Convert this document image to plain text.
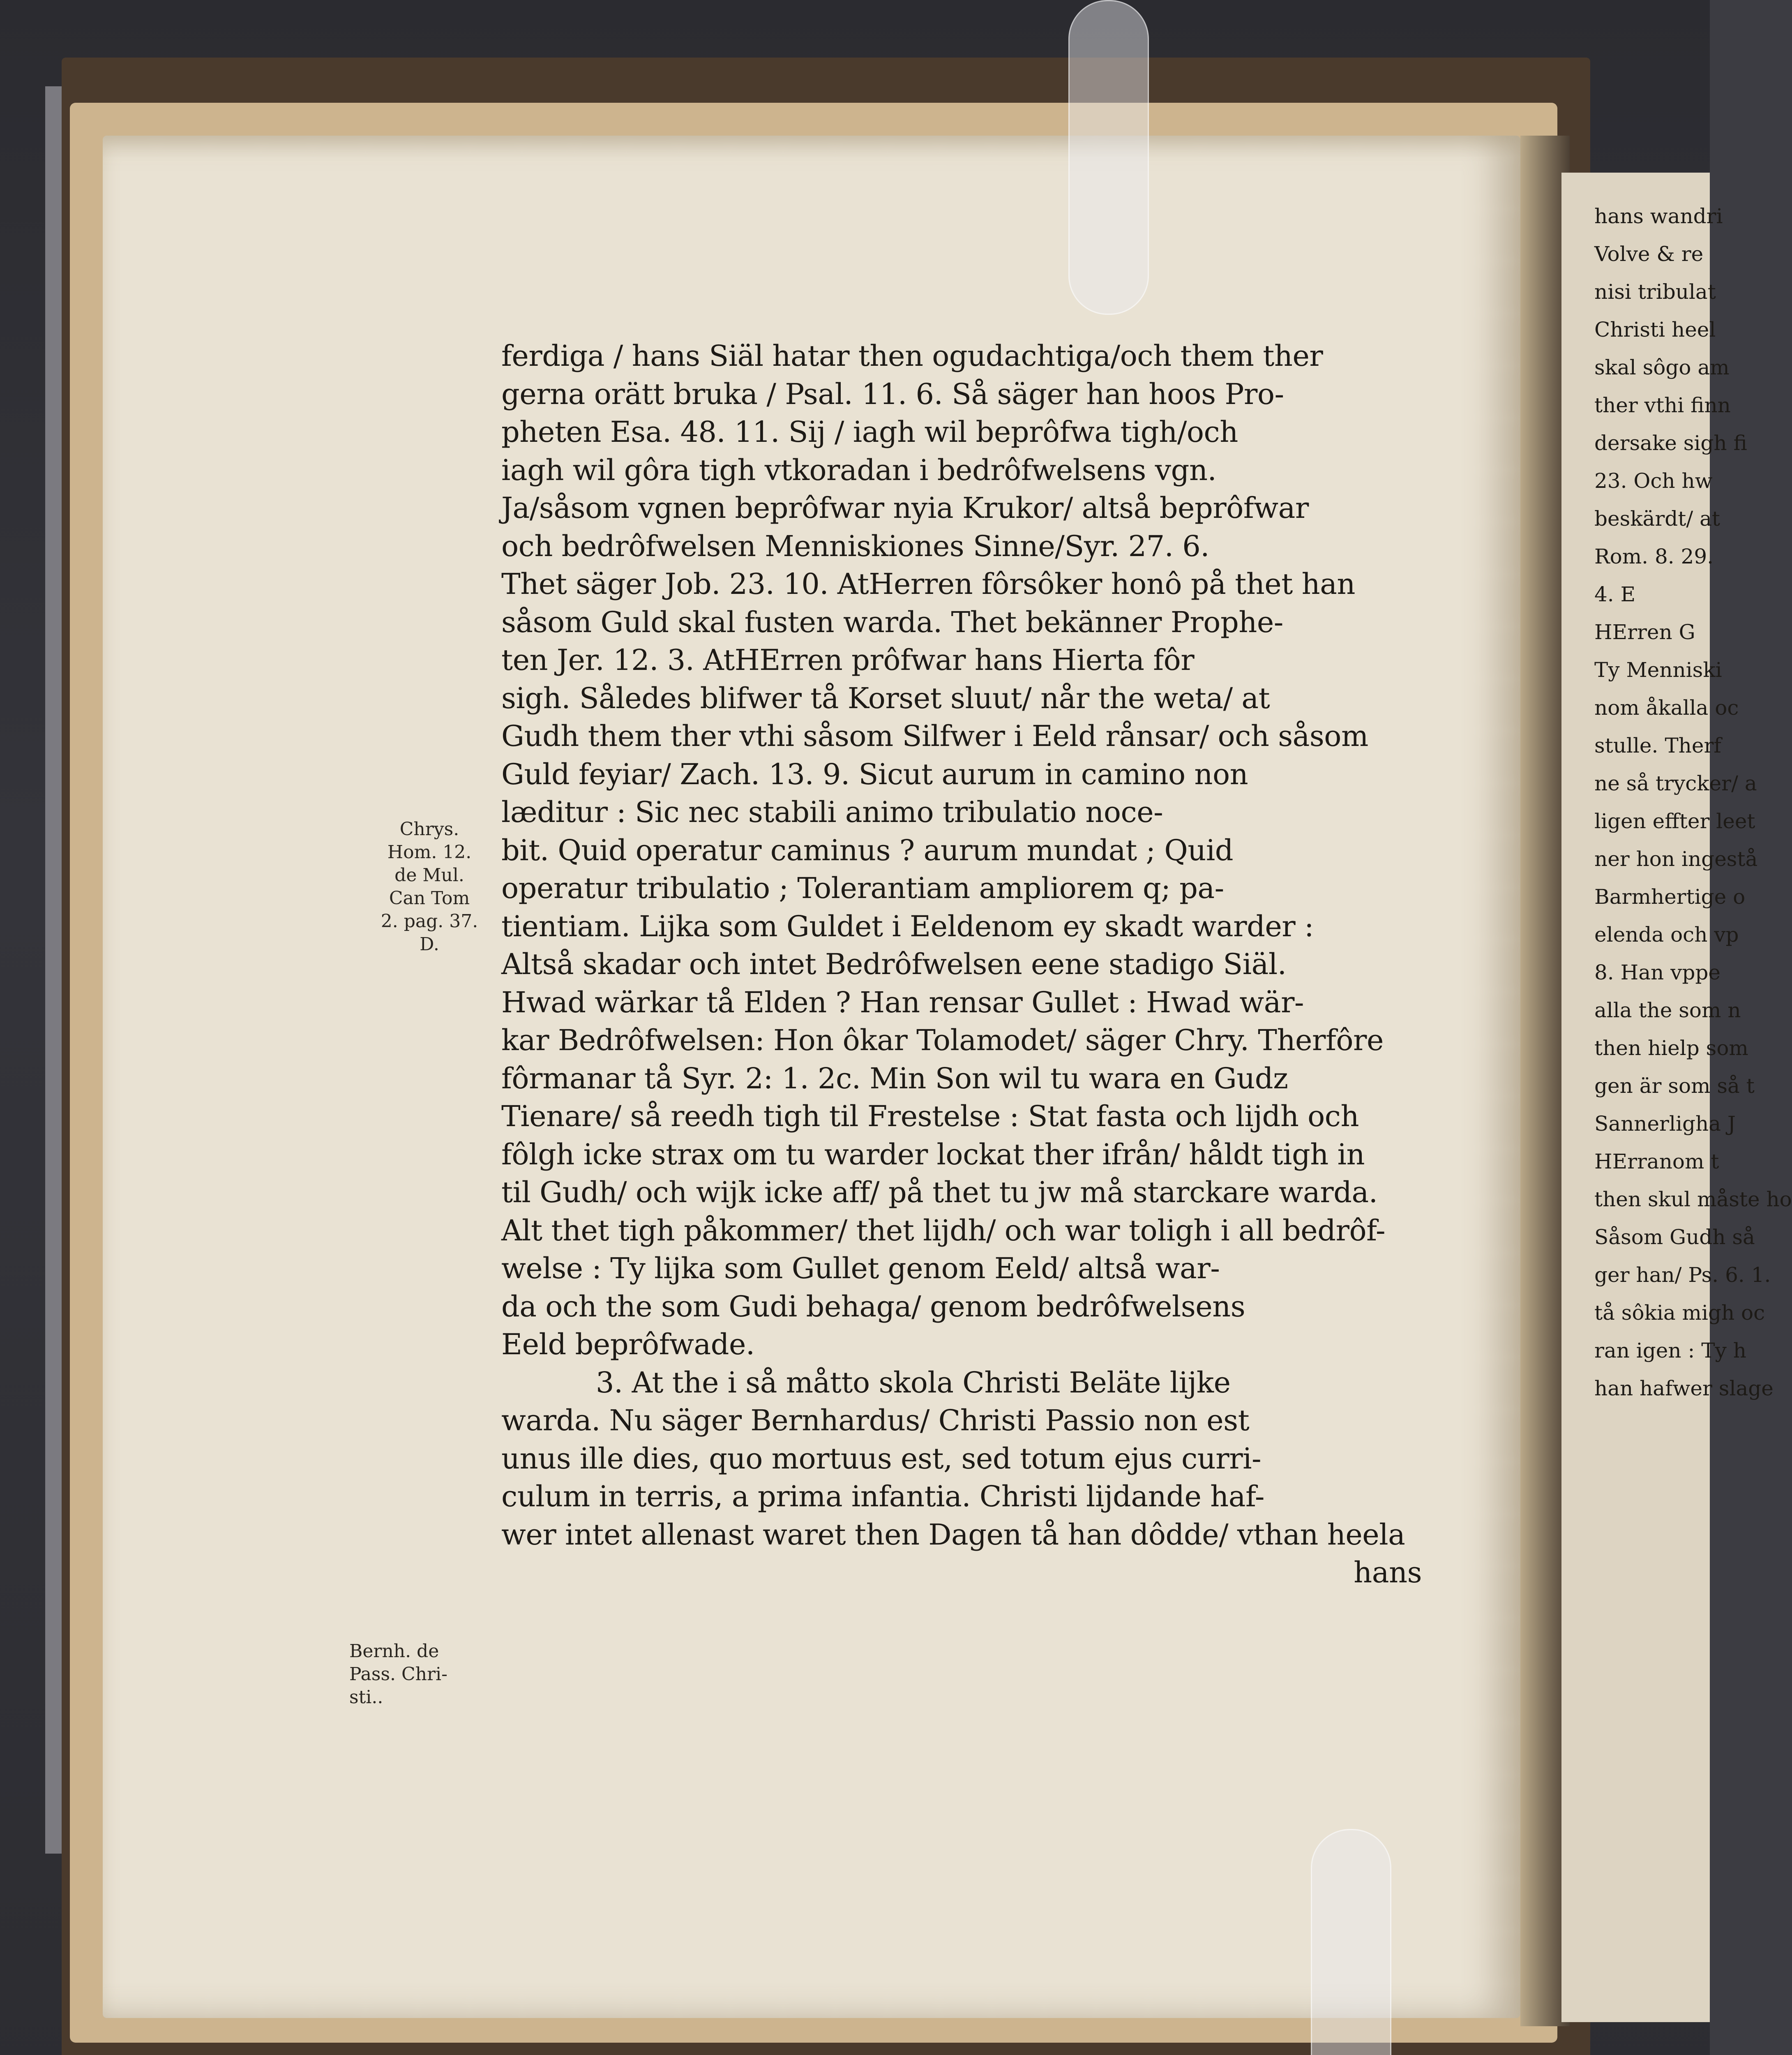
ferdiga / hans Siäl hatar then ogudachtiga/och them ther
gerna orätt bruka / Psal. 11. 6. Så säger han hoos Pro-
pheten Esa. 48. 11. Sij / iagh wil beprôfwa tigh/och
iagh wil gôra tigh vtkoradan i bedrôfwelsens vgn.
Ja/såsom vgnen beprôfwar nyia Krukor/ altså beprôfwar
och bedrôfwelsen Menniskiones Sinne/Syr. 27. 6.
Thet säger Job. 23. 10. AtHerren fôrsôker honô på thet han
såsom Guld skal fusten warda. Thet bekänner Prophe-
ten Jer. 12. 3. AtHErren prôfwar hans Hierta fôr
sigh. Således blifwer tå Korset sluut/ når the weta/ at
Gudh them ther vthi såsom Silfwer i Eeld rånsar/ och såsom
Guld feyiar/ Zach. 13. 9. Sicut aurum in camino non
læditur : Sic nec stabili animo tribulatio noce-
bit. Quid operatur caminus ? aurum mundat ; Quid
operatur tribulatio ; Tolerantiam ampliorem q; pa-
tientiam. Lijka som Guldet i Eeldenom ey skadt warder :
Altså skadar och intet Bedrôfwelsen eene stadigo Siäl.
Hwad wärkar tå Elden ? Han rensar Gullet : Hwad wär-
kar Bedrôfwelsen: Hon ôkar Tolamodet/ säger Chry. Therfôre
fôrmanar tå Syr. 2: 1. 2c. Min Son wil tu wara en Gudz
Tienare/ så reedh tigh til Frestelse : Stat fasta och lijdh och
fôlgh icke strax om tu warder lockat ther ifrån/ håldt tigh in
til Gudh/ och wijk icke aff/ på thet tu jw må starckare warda.
Alt thet tigh påkommer/ thet lijdh/ och war toligh i all bedrôf-
welse : Ty lijka som Gullet genom Eeld/ altså war-
da och the som Gudi behaga/ genom bedrôfwelsens
Eeld beprôfwade.
3. At the i så måtto skola Christi Beläte lijke
warda. Nu säger Bernhardus/ Christi Passio non est
unus ille dies, quo mortuus est, sed totum ejus curri-
culum in terris, a prima infantia. Christi lijdande haf-
wer intet allenast waret then Dagen tå han dôdde/ vthan heela
hans
Chrys.
Hom. 12.
de Mul.
Can Tom
2. pag. 37.
D.
Bernh. de
Pass. Chri-
sti..
hans wandri
Volve & re
nisi tribulat
Christi heel
skal sôgo am
ther vthi finn
dersake sigh fi
23. Och hw
beskärdt/ at
Rom. 8. 29.
4. E
HErren G
Ty Menniski
nom åkalla oc
stulle. Therf
ne så trycker/ a
ligen effter leet
ner hon ingestå
Barmhertige o
elenda och vp
8. Han vppe
alla the som n
then hielp som
gen är som så t
Sannerligha J
HErranom t
then skul måste ho
Såsom Gudh så
ger han/ Ps. 6. 1.
tå sôkia migh oc
ran igen : Ty h
han hafwer slage
